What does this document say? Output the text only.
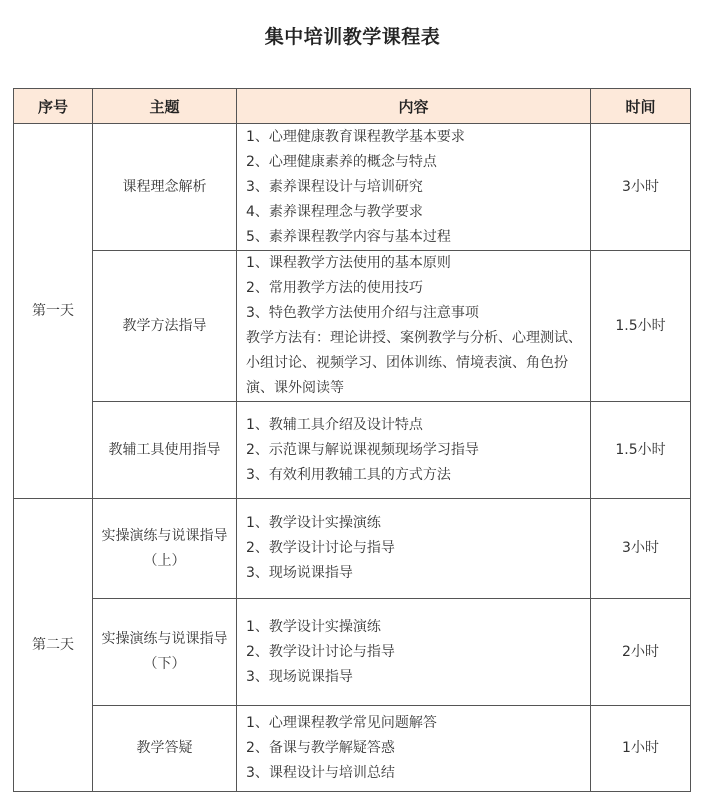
集中培训教学课程表
序号	主题	内容	时间
第一天	课程理念解析	1、心理健康教育课程教学基本要求
2、心理健康素养的概念与特点
3、素养课程设计与培训研究
4、素养课程理念与教学要求
5、素养课程教学内容与基本过程	3小时
	教学方法指导	1、课程教学方法使用的基本原则
2、常用教学方法的使用技巧
3、特色教学方法使用介绍与注意事项
教学方法有：理论讲授、案例教学与分析、心理测试、小组讨论、视频学习、团体训练、情境表演、角色扮演、课外阅读等	1.5小时
	教辅工具使用指导	1、教辅工具介绍及设计特点
2、示范课与解说课视频现场学习指导
3、有效利用教辅工具的方式方法	1.5小时
第二天	实操演练与说课指导（上）	1、教学设计实操演练
2、教学设计讨论与指导
3、现场说课指导	3小时
	实操演练与说课指导（下）	1、教学设计实操演练
2、教学设计讨论与指导
3、现场说课指导	2小时
	教学答疑	1、心理课程教学常见问题解答
2、备课与教学解疑答惑
3、课程设计与培训总结	1小时
